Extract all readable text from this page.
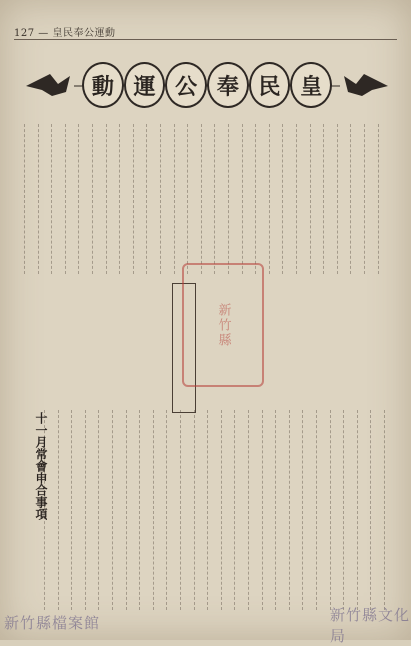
127 — 皇民奉公運動
動 運 公 奉 民 皇
新竹縣
十一月常會申合事項
新竹縣檔案館	新竹縣文化局
